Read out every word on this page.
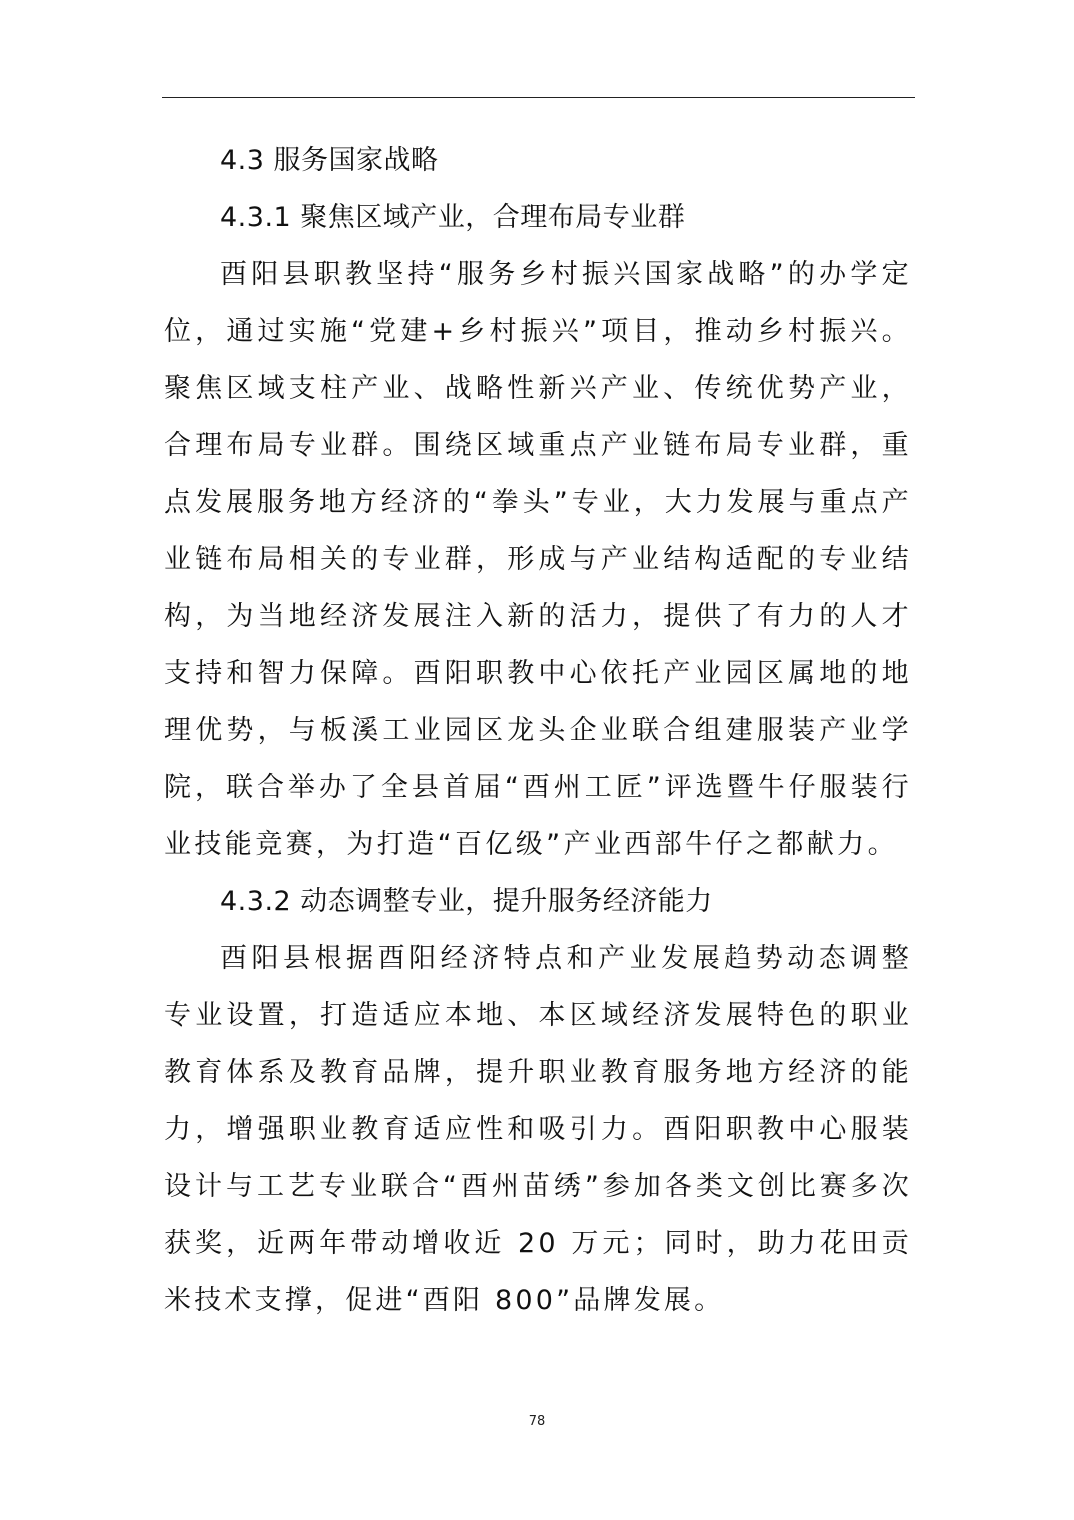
4.3 服务国家战略
4.3.1 聚焦区域产业，合理布局专业群

酉阳县职教坚持“服务乡村振兴国家战略”的办学定位，通过实施“党建+乡村振兴”项目，推动乡村振兴。聚焦区域支柱产业、战略性新兴产业、传统优势产业，合理布局专业群。围绕区域重点产业链布局专业群，重点发展服务地方经济的“拳头”专业，大力发展与重点产业链布局相关的专业群，形成与产业结构适配的专业结构，为当地经济发展注入新的活力，提供了有力的人才支持和智力保障。酉阳职教中心依托产业园区属地的地理优势，与板溪工业园区龙头企业联合组建服装产业学院，联合举办了全县首届“酉州工匠”评选暨牛仔服装行业技能竞赛，为打造“百亿级”产业西部牛仔之都献力。

4.3.2 动态调整专业，提升服务经济能力

酉阳县根据酉阳经济特点和产业发展趋势动态调整专业设置，打造适应本地、本区域经济发展特色的职业教育体系及教育品牌，提升职业教育服务地方经济的能力，增强职业教育适应性和吸引力。酉阳职教中心服装设计与工艺专业联合“酉州苗绣”参加各类文创比赛多次获奖，近两年带动增收近 20 万元；同时，助力花田贡米技术支撑，促进“酉阳 800”品牌发展。

78
